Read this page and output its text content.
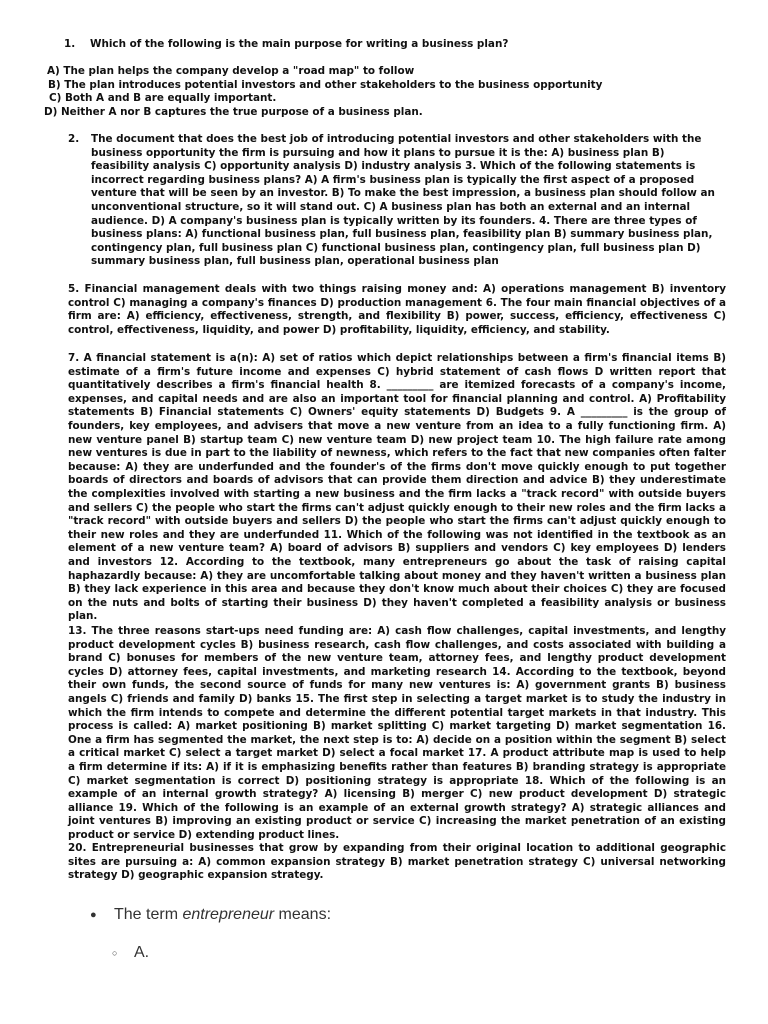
1. Which of the following is the main purpose for writing a business plan?
A) The plan helps the company develop a "road map" to follow
B) The plan introduces potential investors and other stakeholders to the business opportunity
C) Both A and B are equally important.
D) Neither A nor B captures the true purpose of a business plan.
2. The document that does the best job of introducing potential investors and other stakeholders with the business opportunity the firm is pursuing and how it plans to pursue it is the: A) business plan B) feasibility analysis C) opportunity analysis D) industry analysis 3. Which of the following statements is incorrect regarding business plans? A) A firm's business plan is typically the first aspect of a proposed venture that will be seen by an investor. B) To make the best impression, a business plan should follow an unconventional structure, so it will stand out. C) A business plan has both an external and an internal audience. D) A company's business plan is typically written by its founders. 4. There are three types of business plans: A) functional business plan, full business plan, feasibility plan B) summary business plan, contingency plan, full business plan C) functional business plan, contingency plan, full business plan D) summary business plan, full business plan, operational business plan
5. Financial management deals with two things raising money and: A) operations management B) inventory control C) managing a company's finances D) production management 6. The four main financial objectives of a firm are: A) efficiency, effectiveness, strength, and flexibility B) power, success, efficiency, effectiveness C) control, effectiveness, liquidity, and power D) profitability, liquidity, efficiency, and stability.
7. A financial statement is a(n): A) set of ratios which depict relationships between a firm's financial items B) estimate of a firm's future income and expenses C) hybrid statement of cash flows D written report that quantitatively describes a firm's financial health 8. _________ are itemized forecasts of a company's income, expenses, and capital needs and are also an important tool for financial planning and control. A) Profitability statements B) Financial statements C) Owners' equity statements D) Budgets 9. A _________ is the group of founders, key employees, and advisers that move a new venture from an idea to a fully functioning firm. A) new venture panel B) startup team C) new venture team D) new project team 10. The high failure rate among new ventures is due in part to the liability of newness, which refers to the fact that new companies often falter because: A) they are underfunded and the founder's of the firms don't move quickly enough to put together boards of directors and boards of advisors that can provide them direction and advice B) they underestimate the complexities involved with starting a new business and the firm lacks a "track record" with outside buyers and sellers C) the people who start the firms can't adjust quickly enough to their new roles and the firm lacks a "track record" with outside buyers and sellers D) the people who start the firms can't adjust quickly enough to their new roles and they are underfunded 11. Which of the following was not identified in the textbook as an element of a new venture team? A) board of advisors B) suppliers and vendors C) key employees D) lenders and investors 12. According to the textbook, many entrepreneurs go about the task of raising capital haphazardly because: A) they are uncomfortable talking about money and they haven't written a business plan B) they lack experience in this area and because they don't know much about their choices C) they are focused on the nuts and bolts of starting their business D) they haven't completed a feasibility analysis or business plan.
13. The three reasons start-ups need funding are: A) cash flow challenges, capital investments, and lengthy product development cycles B) business research, cash flow challenges, and costs associated with building a brand C) bonuses for members of the new venture team, attorney fees, and lengthy product development cycles D) attorney fees, capital investments, and marketing research 14. According to the textbook, beyond their own funds, the second source of funds for many new ventures is: A) government grants B) business angels C) friends and family D) banks 15. The first step in selecting a target market is to study the industry in which the firm intends to compete and determine the different potential target markets in that industry. This process is called: A) market positioning B) market splitting C) market targeting D) market segmentation 16. One a firm has segmented the market, the next step is to: A) decide on a position within the segment B) select a critical market C) select a target market D) select a focal market 17. A product attribute map is used to help a firm determine if its: A) if it is emphasizing benefits rather than features B) branding strategy is appropriate C) market segmentation is correct D) positioning strategy is appropriate 18. Which of the following is an example of an internal growth strategy? A) licensing B) merger C) new product development D) strategic alliance 19. Which of the following is an example of an external growth strategy? A) strategic alliances and joint ventures B) improving an existing product or service C) increasing the market penetration of an existing product or service D) extending product lines.
20. Entrepreneurial businesses that grow by expanding from their original location to additional geographic sites are pursuing a: A) common expansion strategy B) market penetration strategy C) universal networking strategy D) geographic expansion strategy.
● The term entrepreneur means:
○ A.
